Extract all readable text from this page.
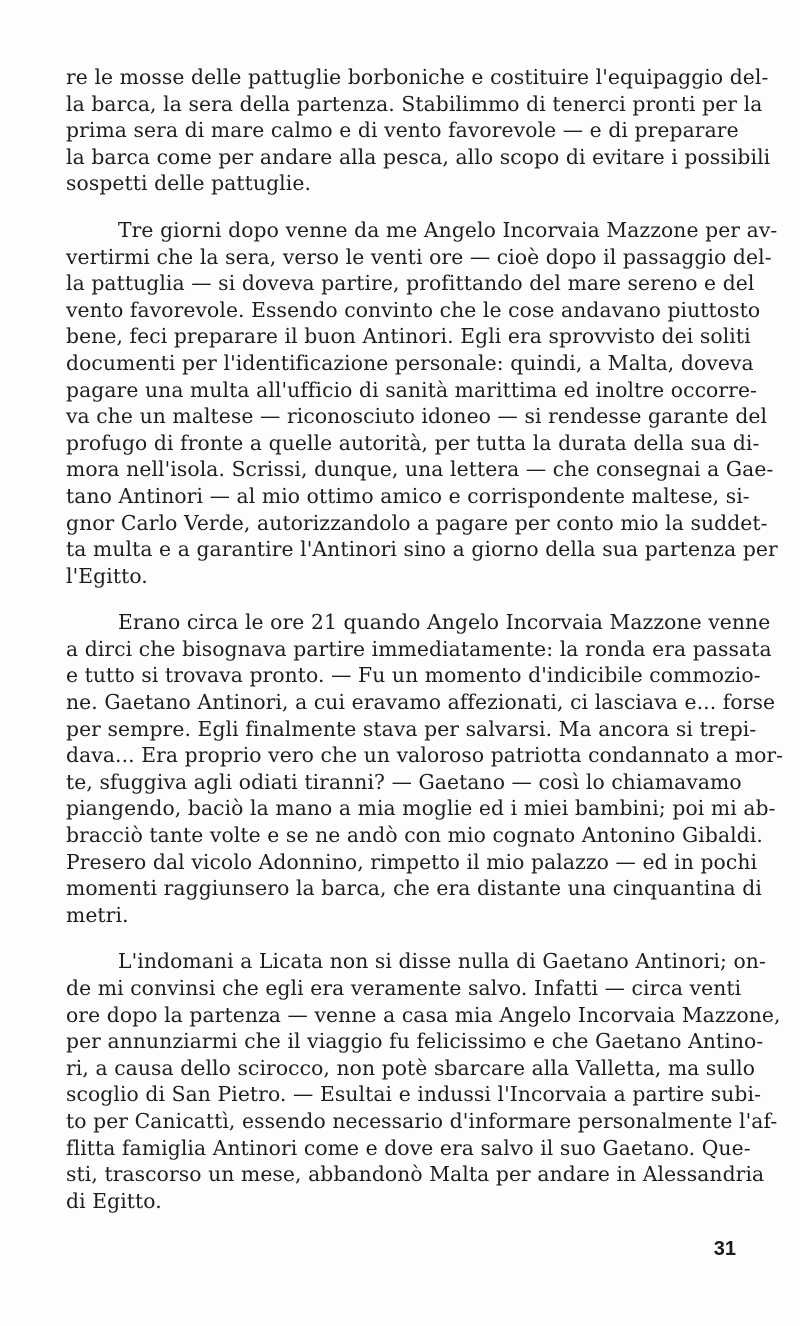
re le mosse delle pattuglie borboniche e costituire l'equipaggio del-
la barca, la sera della partenza. Stabilimmo di tenerci pronti per la
prima sera di mare calmo e di vento favorevole — e di preparare
la barca come per andare alla pesca, allo scopo di evitare i possibili
sospetti delle pattuglie.

Tre giorni dopo venne da me Angelo Incorvaia Mazzone per av-
vertirmi che la sera, verso le venti ore — cioè dopo il passaggio del-
la pattuglia — si doveva partire, profittando del mare sereno e del
vento favorevole. Essendo convinto che le cose andavano piuttosto
bene, feci preparare il buon Antinori. Egli era sprovvisto dei soliti
documenti per l'identificazione personale: quindi, a Malta, doveva
pagare una multa all'ufficio di sanità marittima ed inoltre occorre-
va che un maltese — riconosciuto idoneo — si rendesse garante del
profugo di fronte a quelle autorità, per tutta la durata della sua di-
mora nell'isola. Scrissi, dunque, una lettera — che consegnai a Gae-
tano Antinori — al mio ottimo amico e corrispondente maltese, si-
gnor Carlo Verde, autorizzandolo a pagare per conto mio la suddet-
ta multa e a garantire l'Antinori sino a giorno della sua partenza per
l'Egitto.

Erano circa le ore 21 quando Angelo Incorvaia Mazzone venne
a dirci che bisognava partire immediatamente: la ronda era passata
e tutto si trovava pronto. — Fu un momento d'indicibile commozio-
ne. Gaetano Antinori, a cui eravamo affezionati, ci lasciava e... forse
per sempre. Egli finalmente stava per salvarsi. Ma ancora si trepi-
dava... Era proprio vero che un valoroso patriotta condannato a mor-
te, sfuggiva agli odiati tiranni? — Gaetano — così lo chiamavamo
piangendo, baciò la mano a mia moglie ed i miei bambini; poi mi ab-
bracciò tante volte e se ne andò con mio cognato Antonino Gibaldi.
Presero dal vicolo Adonnino, rimpetto il mio palazzo — ed in pochi
momenti raggiunsero la barca, che era distante una cinquantina di
metri.

L'indomani a Licata non si disse nulla di Gaetano Antinori; on-
de mi convinsi che egli era veramente salvo. Infatti — circa venti
ore dopo la partenza — venne a casa mia Angelo Incorvaia Mazzone,
per annunziarmi che il viaggio fu felicissimo e che Gaetano Antino-
ri, a causa dello scirocco, non potè sbarcare alla Valletta, ma sullo
scoglio di San Pietro. — Esultai e indussi l'Incorvaia a partire subi-
to per Canicattì, essendo necessario d'informare personalmente l'af-
flitta famiglia Antinori come e dove era salvo il suo Gaetano. Que-
sti, trascorso un mese, abbandonò Malta per andare in Alessandria
di Egitto.

31
